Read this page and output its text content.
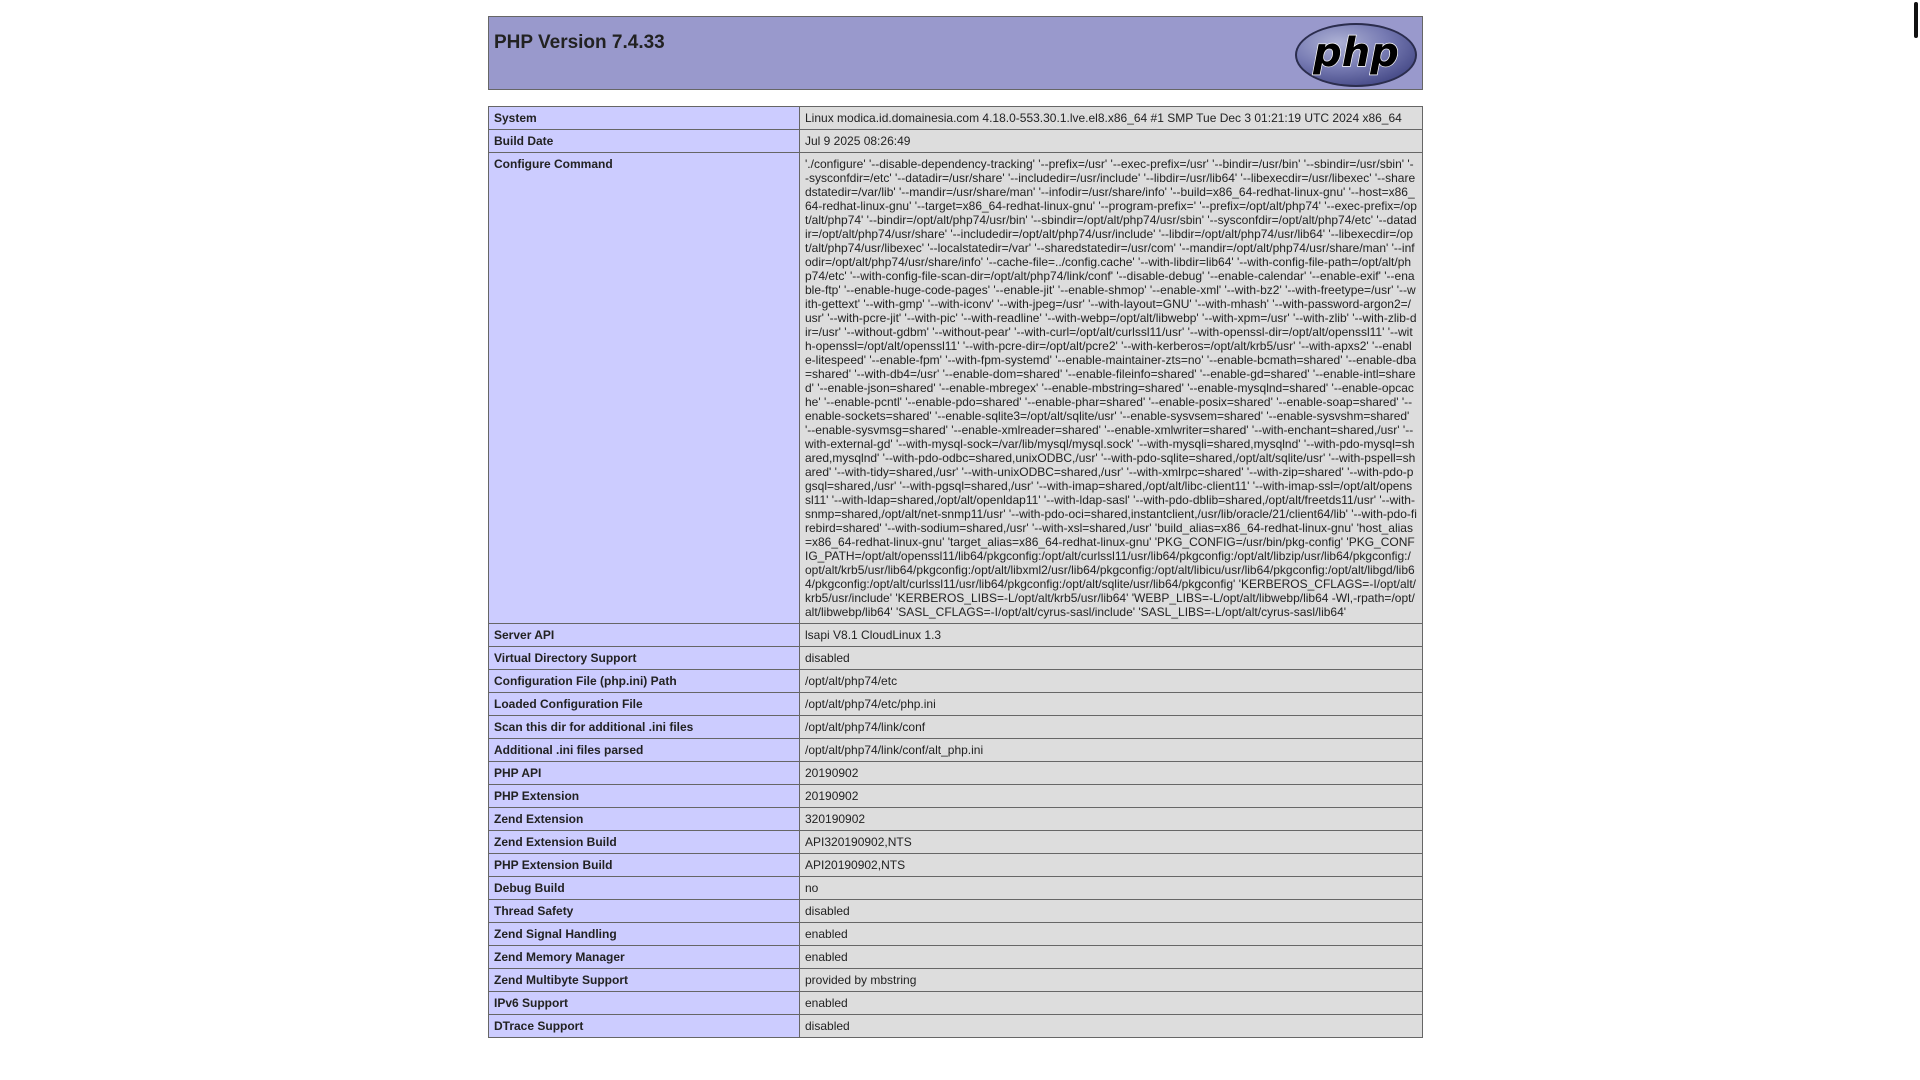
PHP Version 7.4.33	php
System	Linux modica.id.domainesia.com 4.18.0-553.30.1.lve.el8.x86_64 #1 SMP Tue Dec 3 01:21:19 UTC 2024 x86_64
Build Date	Jul 9 2025 08:26:49
Configure Command	'./configure' '--disable-dependency-tracking' '--prefix=/usr' '--exec-prefix=/usr' '--bindir=/usr/bin' '--sbindir=/usr/sbin' '--sysconfdir=/etc' '--datadir=/usr/share' '--includedir=/usr/include' '--libdir=/usr/lib64' '--libexecdir=/usr/libexec' '--sharedstatedir=/var/lib' '--mandir=/usr/share/man' '--infodir=/usr/share/info' '--build=x86_64-redhat-linux-gnu' '--host=x86_64-redhat-linux-gnu' '--target=x86_64-redhat-linux-gnu' '--program-prefix=' '--prefix=/opt/alt/php74' '--exec-prefix=/opt/alt/php74' '--bindir=/opt/alt/php74/usr/bin' '--sbindir=/opt/alt/php74/usr/sbin' '--sysconfdir=/opt/alt/php74/etc' '--datadir=/opt/alt/php74/usr/share' '--includedir=/opt/alt/php74/usr/include' '--libdir=/opt/alt/php74/usr/lib64' '--libexecdir=/opt/alt/php74/usr/libexec' '--localstatedir=/var' '--sharedstatedir=/usr/com' '--mandir=/opt/alt/php74/usr/share/man' '--infodir=/opt/alt/php74/usr/share/info' '--cache-file=../config.cache' '--with-libdir=lib64' '--with-config-file-path=/opt/alt/php74/etc' '--with-config-file-scan-dir=/opt/alt/php74/link/conf' '--disable-debug' '--enable-calendar' '--enable-exif' '--enable-ftp' '--enable-huge-code-pages' '--enable-jit' '--enable-shmop' '--enable-xml' '--with-bz2' '--with-freetype=/usr' '--with-gettext' '--with-gmp' '--with-iconv' '--with-jpeg=/usr' '--with-layout=GNU' '--with-mhash' '--with-password-argon2=/usr' '--with-pcre-jit' '--with-pic' '--with-readline' '--with-webp=/opt/alt/libwebp' '--with-xpm=/usr' '--with-zlib' '--with-zlib-dir=/usr' '--without-gdbm' '--without-pear' '--with-curl=/opt/alt/curlssl11/usr' '--with-openssl-dir=/opt/alt/openssl11' '--with-openssl=/opt/alt/openssl11' '--with-pcre-dir=/opt/alt/pcre2' '--with-kerberos=/opt/alt/krb5/usr' '--with-apxs2' '--enable-litespeed' '--enable-fpm' '--with-fpm-systemd' '--enable-maintainer-zts=no' '--enable-bcmath=shared' '--enable-dba=shared' '--with-db4=/usr' '--enable-dom=shared' '--enable-fileinfo=shared' '--enable-gd=shared' '--enable-intl=shared' '--enable-json=shared' '--enable-mbregex' '--enable-mbstring=shared' '--enable-mysqlnd=shared' '--enable-opcache' '--enable-pcntl' '--enable-pdo=shared' '--enable-phar=shared' '--enable-posix=shared' '--enable-soap=shared' '--enable-sockets=shared' '--enable-sqlite3=/opt/alt/sqlite/usr' '--enable-sysvsem=shared' '--enable-sysvshm=shared' '--enable-sysvmsg=shared' '--enable-xmlreader=shared' '--enable-xmlwriter=shared' '--with-enchant=shared,/usr' '--with-external-gd' '--with-mysql-sock=/var/lib/mysql/mysql.sock' '--with-mysqli=shared,mysqlnd' '--with-pdo-mysql=shared,mysqlnd' '--with-pdo-odbc=shared,unixODBC,/usr' '--with-pdo-sqlite=shared,/opt/alt/sqlite/usr' '--with-pspell=shared' '--with-tidy=shared,/usr' '--with-unixODBC=shared,/usr' '--with-xmlrpc=shared' '--with-zip=shared' '--with-pdo-pgsql=shared,/usr' '--with-pgsql=shared,/usr' '--with-imap=shared,/opt/alt/libc-client11' '--with-imap-ssl=/opt/alt/openssl11' '--with-ldap=shared,/opt/alt/openldap11' '--with-ldap-sasl' '--with-pdo-dblib=shared,/opt/alt/freetds11/usr' '--with-snmp=shared,/opt/alt/net-snmp11/usr' '--with-pdo-oci=shared,instantclient,/usr/lib/oracle/21/client64/lib' '--with-pdo-firebird=shared' '--with-sodium=shared,/usr' '--with-xsl=shared,/usr' 'build_alias=x86_64-redhat-linux-gnu' 'host_alias=x86_64-redhat-linux-gnu' 'target_alias=x86_64-redhat-linux-gnu' 'PKG_CONFIG=/usr/bin/pkg-config' 'PKG_CONFIG_PATH=/opt/alt/openssl11/lib64/pkgconfig:/opt/alt/curlssl11/usr/lib64/pkgconfig:/opt/alt/libzip/usr/lib64/pkgconfig:/opt/alt/krb5/usr/lib64/pkgconfig:/opt/alt/libxml2/usr/lib64/pkgconfig:/opt/alt/libicu/usr/lib64/pkgconfig:/opt/alt/libgd/lib64/pkgconfig:/opt/alt/curlssl11/usr/lib64/pkgconfig:/opt/alt/sqlite/usr/lib64/pkgconfig' 'KERBEROS_CFLAGS=-I/opt/alt/krb5/usr/include' 'KERBEROS_LIBS=-L/opt/alt/krb5/usr/lib64' 'WEBP_LIBS=-L/opt/alt/libwebp/lib64 -Wl,-rpath=/opt/alt/libwebp/lib64' 'SASL_CFLAGS=-I/opt/alt/cyrus-sasl/include' 'SASL_LIBS=-L/opt/alt/cyrus-sasl/lib64'
Server API	lsapi V8.1 CloudLinux 1.3
Virtual Directory Support	disabled
Configuration File (php.ini) Path	/opt/alt/php74/etc
Loaded Configuration File	/opt/alt/php74/etc/php.ini
Scan this dir for additional .ini files	/opt/alt/php74/link/conf
Additional .ini files parsed	/opt/alt/php74/link/conf/alt_php.ini
PHP API	20190902
PHP Extension	20190902
Zend Extension	320190902
Zend Extension Build	API320190902,NTS
PHP Extension Build	API20190902,NTS
Debug Build	no
Thread Safety	disabled
Zend Signal Handling	enabled
Zend Memory Manager	enabled
Zend Multibyte Support	provided by mbstring
IPv6 Support	enabled
DTrace Support	disabled
